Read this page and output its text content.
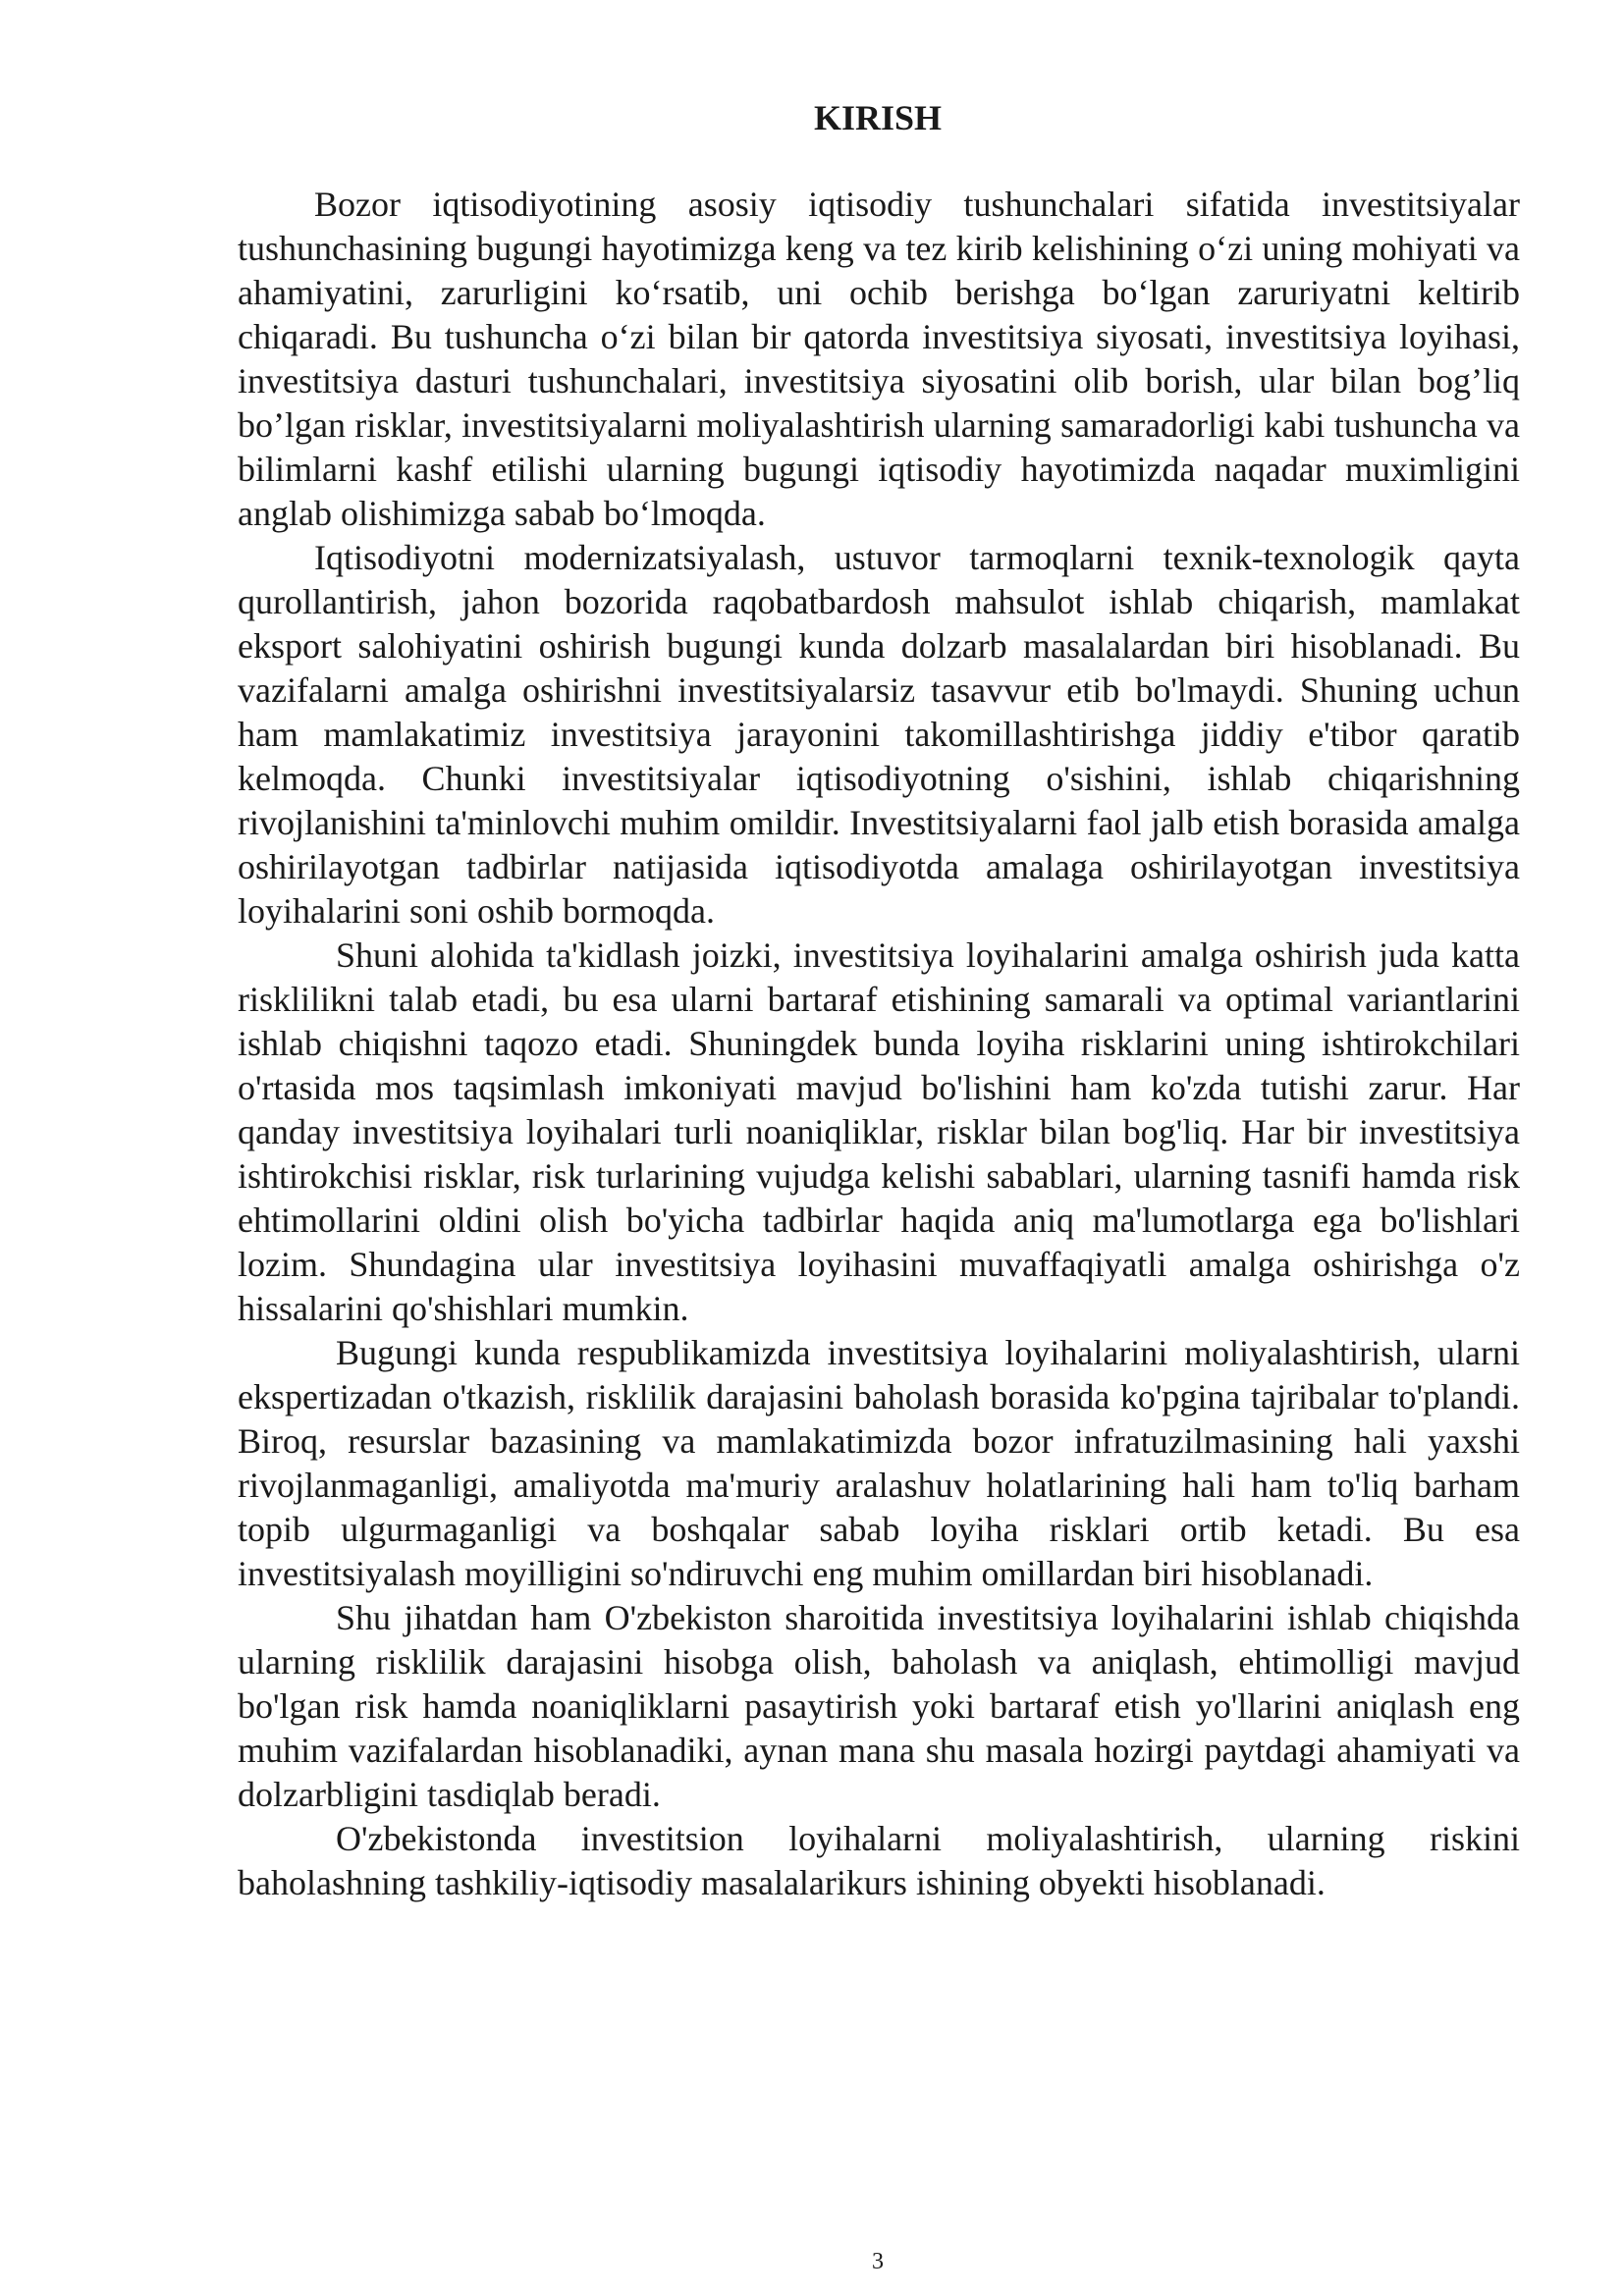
KIRISH

Bozor iqtisodiyotining asosiy iqtisodiy tushunchalari sifatida investitsiyalar tushunchasining bugungi hayotimizga keng va tez kirib kelishining o‘zi uning mohiyati va ahamiyatini, zarurligini ko‘rsatib, uni ochib berishga bo‘lgan zaruriyatni keltirib chiqaradi. Bu tushuncha o‘zi bilan bir qatorda investitsiya siyosati, investitsiya loyihasi, investitsiya dasturi tushunchalari, investitsiya siyosatini olib borish, ular bilan bog’liq bo’lgan risklar, investitsiyalarni moliyalashtirish ularning samaradorligi kabi tushuncha va bilimlarni kashf etilishi ularning bugungi iqtisodiy hayotimizda naqadar muximligini anglab olishimizga sabab bo‘lmoqda.

Iqtisodiyotni modernizatsiyalash, ustuvor tarmoqlarni texnik-texnologik qayta qurollantirish, jahon bozorida raqobatbardosh mahsulot ishlab chiqarish, mamlakat eksport salohiyatini oshirish bugungi kunda dolzarb masalalardan biri hisoblanadi. Bu vazifalarni amalga oshirishni investitsiyalarsiz tasavvur etib bo'lmaydi. Shuning uchun ham mamlakatimiz investitsiya jarayonini takomillashtirishga jiddiy e'tibor qaratib kelmoqda. Chunki investitsiyalar iqtisodiyotning o'sishini, ishlab chiqarishning rivojlanishini ta'minlovchi muhim omildir. Investitsiyalarni faol jalb etish borasida amalga oshirilayotgan tadbirlar natijasida iqtisodiyotda amalaga oshirilayotgan investitsiya loyihalarini soni oshib bormoqda.

Shuni alohida ta'kidlash joizki, investitsiya loyihalarini amalga oshirish juda katta risklilikni talab etadi, bu esa ularni bartaraf etishining samarali va optimal variantlarini ishlab chiqishni taqozo etadi. Shuningdek bunda loyiha risklarini uning ishtirokchilari o'rtasida mos taqsimlash imkoniyati mavjud bo'lishini ham ko'zda tutishi zarur. Har qanday investitsiya loyihalari turli noaniqliklar, risklar bilan bog'liq. Har bir investitsiya ishtirokchisi risklar, risk turlarining vujudga kelishi sabablari, ularning tasnifi hamda risk ehtimollarini oldini olish bo'yicha tadbirlar haqida aniq ma'lumotlarga ega bo'lishlari lozim. Shundagina ular investitsiya loyihasini muvaffaqiyatli amalga oshirishga o'z hissalarini qo'shishlari mumkin.

Bugungi kunda respublikamizda investitsiya loyihalarini moliyalashtirish, ularni ekspertizadan o'tkazish, risklilik darajasini baholash borasida ko'pgina tajribalar to'plandi. Biroq, resurslar bazasining va mamlakatimizda bozor infratuzilmasining hali yaxshi rivojlanmaganligi, amaliyotda ma'muriy aralashuv holatlarining hali ham to'liq barham topib ulgurmaganligi va boshqalar sabab loyiha risklari ortib ketadi. Bu esa investitsiyalash moyilligini so'ndiruvchi eng muhim omillardan biri hisoblanadi.

Shu jihatdan ham O'zbekiston sharoitida investitsiya loyihalarini ishlab chiqishda ularning risklilik darajasini hisobga olish, baholash va aniqlash, ehtimolligi mavjud bo'lgan risk hamda noaniqliklarni pasaytirish yoki bartaraf etish yo'llarini aniqlash eng muhim vazifalardan hisoblanadiki, aynan mana shu masala hozirgi paytdagi ahamiyati va dolzarbligini tasdiqlab beradi.

O'zbekistonda investitsion loyihalarni moliyalashtirish, ularning riskini baholashning tashkiliy-iqtisodiy masalalarikurs ishining obyekti hisoblanadi.

3
